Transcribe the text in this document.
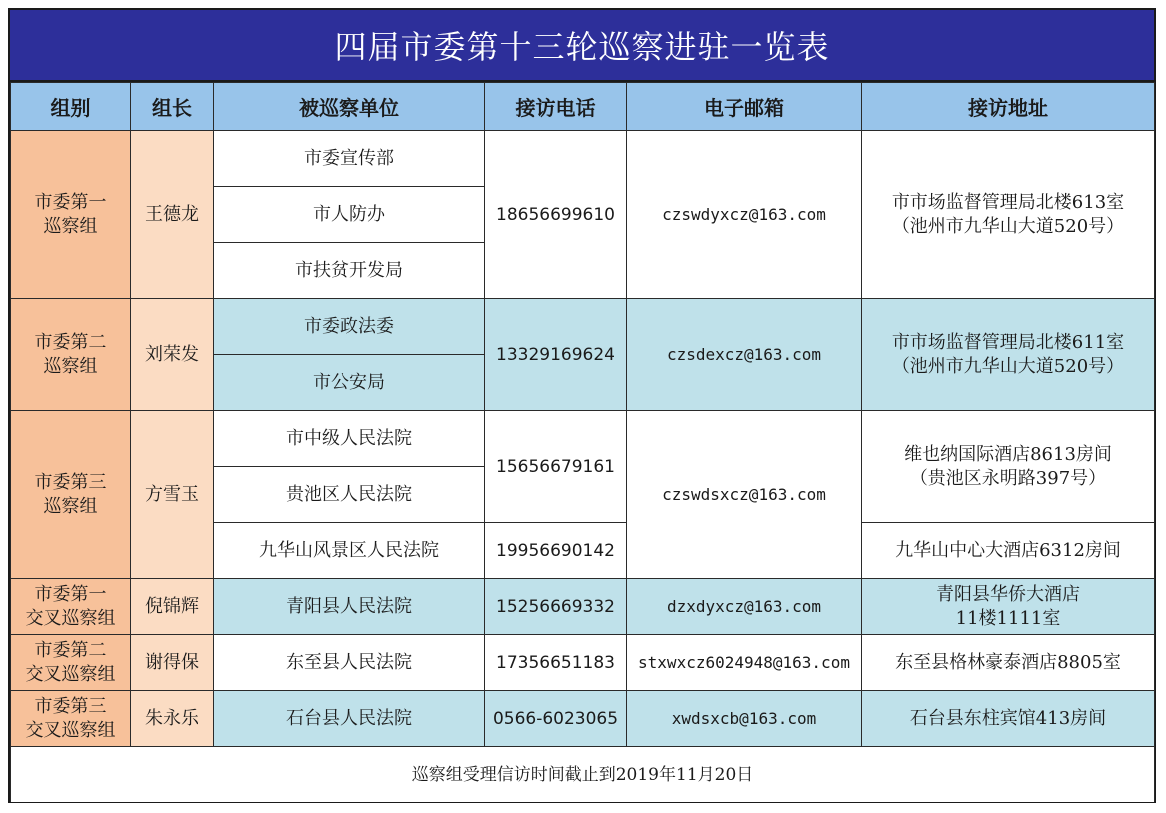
四届市委第十三轮巡察进驻一览表
组别	组长	被巡察单位	接访电话	电子邮箱	接访地址

市委第一
巡察组	王德龙	市委宣传部	18656699610	czswdyxcz@163.com	市市场监督管理局北楼613室
（池州市九华山大道520号）

		市人防办			
		市扶贫开发局			

市委第二
巡察组	刘荣发	市委政法委	13329169624	czsdexcz@163.com	市市场监督管理局北楼611室
（池州市九华山大道520号）

		市公安局			

市委第三
巡察组	方雪玉	市中级人民法院	15656679161	czswdsxcz@163.com	维也纳国际酒店8613房间
（贵池区永明路397号）

		贵池区人民法院			
		九华山风景区人民法院	19956690142		九华山中心大酒店6312房间

市委第一
交叉巡察组	倪锦辉	青阳县人民法院	15256669332	dzxdyxcz@163.com	青阳县华侨大酒店
11楼1111室

市委第二
交叉巡察组	谢得保	东至县人民法院	17356651183	stxwxcz6024948@163.com	东至县格林豪泰酒店8805室

市委第三
交叉巡察组	朱永乐	石台县人民法院	0566-6023065	xwdsxcb@163.com	石台县东柱宾馆413房间
巡察组受理信访时间截止到2019年11月20日					
